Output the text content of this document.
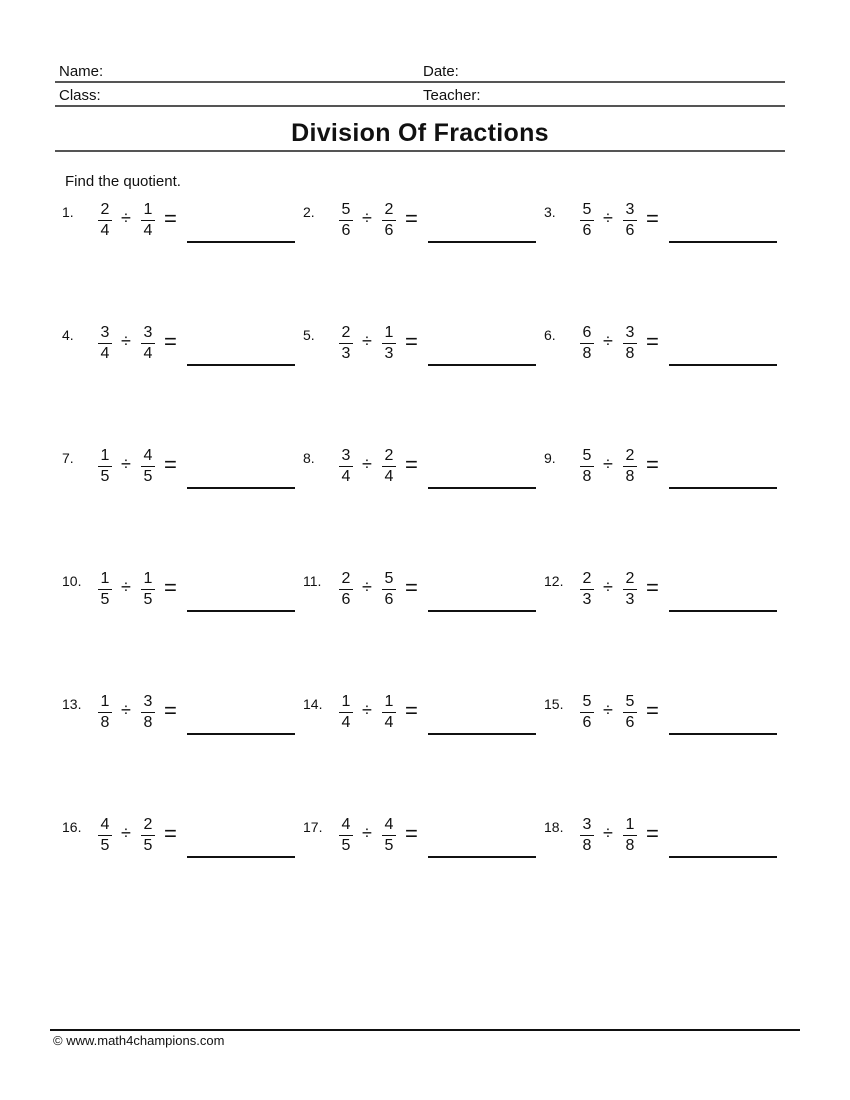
Name:	Date:
Class:	Teacher:
Division Of Fractions
Find the quotient.
1. $\frac{2}{4} \div \frac{1}{4}$ =	2. $\frac{5}{6} \div \frac{2}{6}$ =	3. $\frac{5}{6} \div \frac{3}{6}$ =
4. $\frac{3}{4} \div \frac{3}{4}$ =	5. $\frac{2}{3} \div \frac{1}{3}$ =	6. $\frac{6}{8} \div \frac{3}{8}$ =
7. $\frac{1}{5} \div \frac{4}{5}$ =	8. $\frac{3}{4} \div \frac{2}{4}$ =	9. $\frac{5}{8} \div \frac{2}{8}$ =
10. $\frac{1}{5} \div \frac{1}{5}$ =	11. $\frac{2}{6} \div \frac{5}{6}$ =	12. $\frac{2}{3} \div \frac{2}{3}$ =
13. $\frac{1}{8} \div \frac{3}{8}$ =	14. $\frac{1}{4} \div \frac{1}{4}$ =	15. $\frac{5}{6} \div \frac{5}{6}$ =
16. $\frac{4}{5} \div \frac{2}{5}$ =	17. $\frac{4}{5} \div \frac{4}{5}$ =	18. $\frac{3}{8} \div \frac{1}{8}$ =
© www.math4champions.com
